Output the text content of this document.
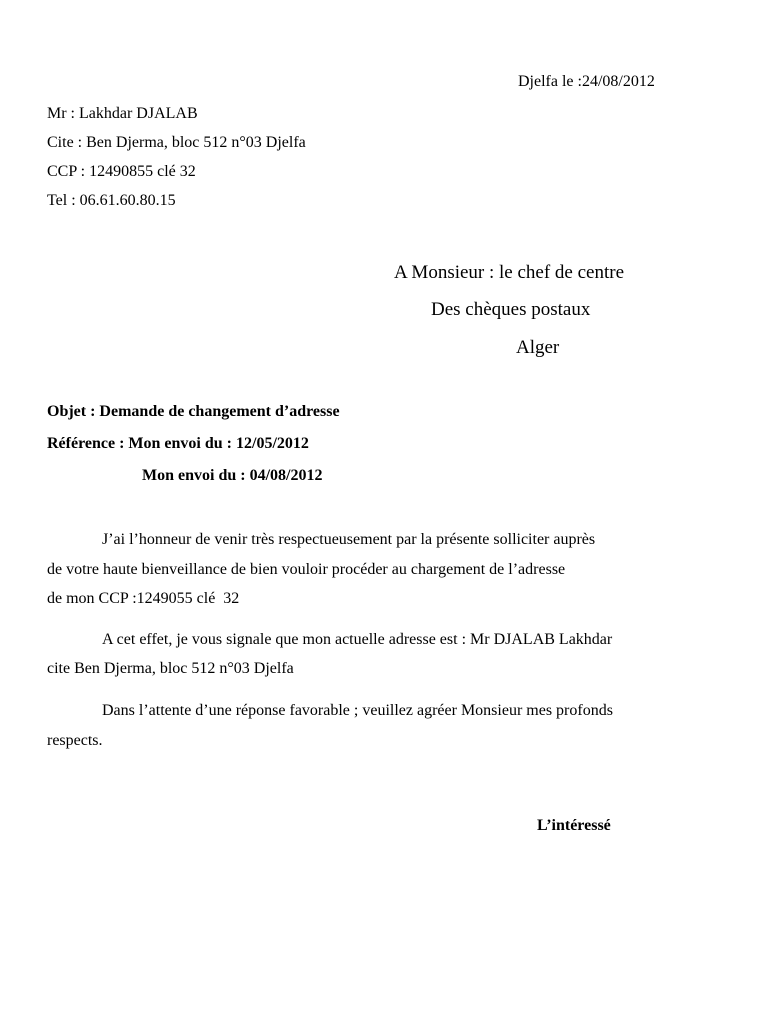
Djelfa le :24/08/2012
Mr : Lakhdar DJALAB
Cite : Ben Djerma, bloc 512 n°03 Djelfa
CCP : 12490855 clé 32
Tel : 06.61.60.80.15
A Monsieur : le chef de centre
Des chèques postaux
Alger
Objet : Demande de changement d’adresse
Référence : Mon envoi du : 12/05/2012
Mon envoi du : 04/08/2012
J’ai l’honneur de venir très respectueusement par la présente solliciter auprès
de votre haute bienveillance de bien vouloir procéder au chargement de l’adresse
de mon CCP :1249055 clé  32
A cet effet, je vous signale que mon actuelle adresse est : Mr DJALAB Lakhdar
cite Ben Djerma, bloc 512 n°03 Djelfa
Dans l’attente d’une réponse favorable ; veuillez agréer Monsieur mes profonds
respects.
L’intéressé
